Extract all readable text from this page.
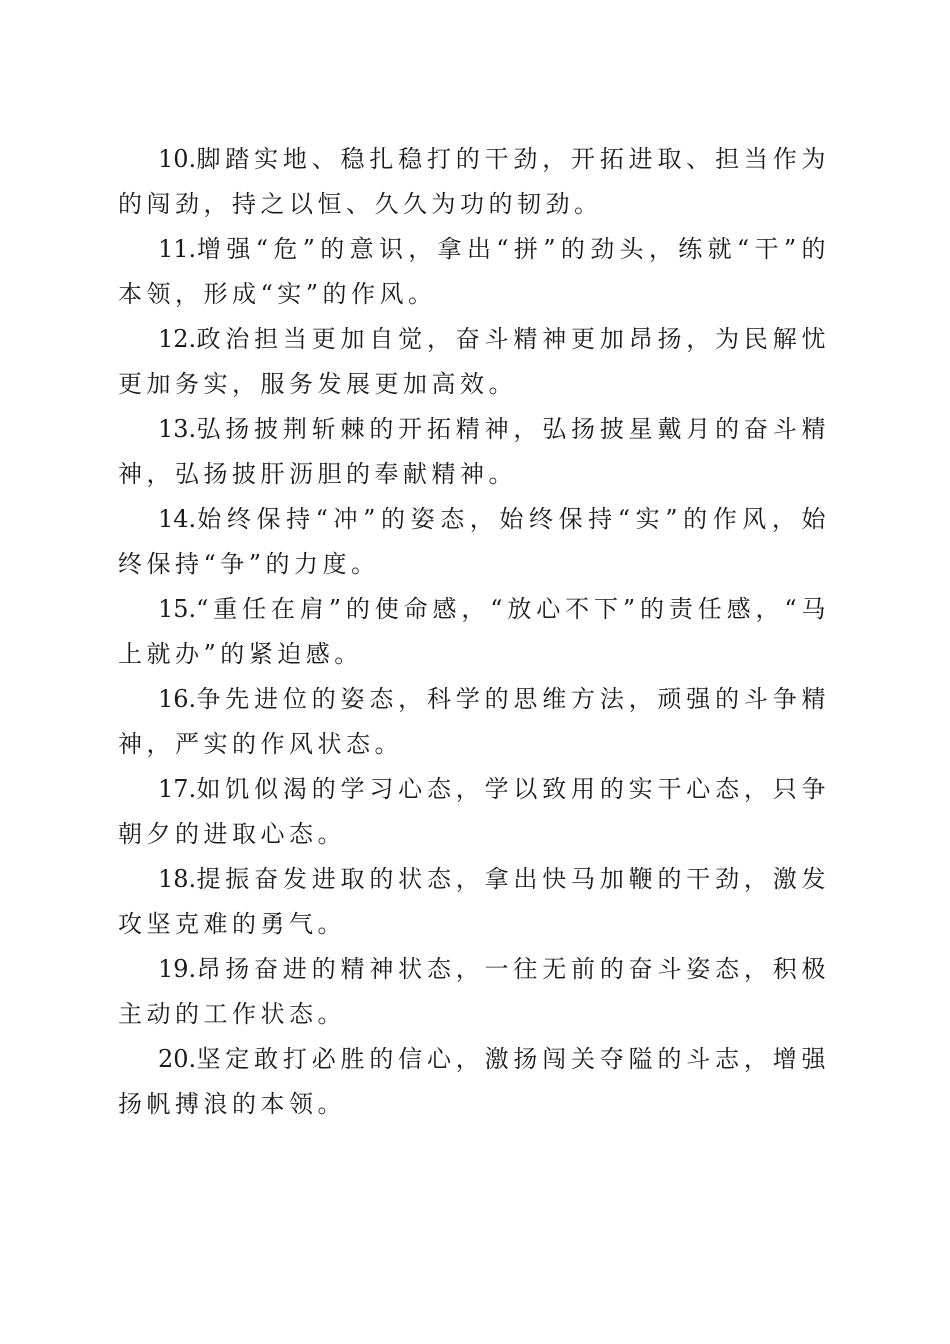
10.脚踏实地、稳扎稳打的干劲，开拓进取、担当作为的闯劲，持之以恒、久久为功的韧劲。

11.增强“危”的意识，拿出“拼”的劲头，练就“干”的本领，形成“实”的作风。

12.政治担当更加自觉，奋斗精神更加昂扬，为民解忧更加务实，服务发展更加高效。

13.弘扬披荆斩棘的开拓精神，弘扬披星戴月的奋斗精神，弘扬披肝沥胆的奉献精神。

14.始终保持“冲”的姿态，始终保持“实”的作风，始终保持“争”的力度。

15.“重任在肩”的使命感，“放心不下”的责任感，“马上就办”的紧迫感。

16.争先进位的姿态，科学的思维方法，顽强的斗争精神，严实的作风状态。

17.如饥似渴的学习心态，学以致用的实干心态，只争朝夕的进取心态。

18.提振奋发进取的状态，拿出快马加鞭的干劲，激发攻坚克难的勇气。

19.昂扬奋进的精神状态，一往无前的奋斗姿态，积极主动的工作状态。

20.坚定敢打必胜的信心，激扬闯关夺隘的斗志，增强扬帆搏浪的本领。
